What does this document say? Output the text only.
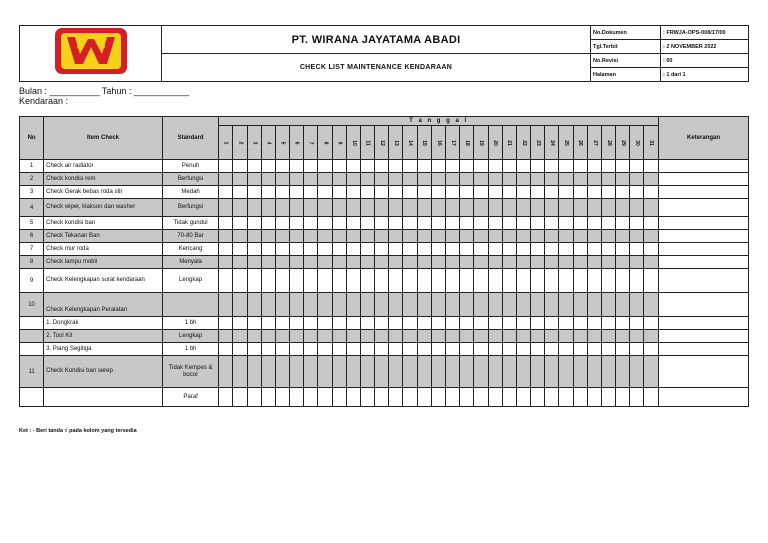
	PT. WIRANA JAYATAMA ABADI	No.Dokumen	: FRWJA-OPS-008/17/00
		Tgl.Terbit	: 2 NOVEMBER 2022
	CHECK LIST MAINTENANCE KENDARAAN	No.Revisi	: 00
		Halaman	: 1 dari 1
Bulan : __________ Tahun : ___________
Kendaraan :
No	Item Check	Standard	T a n g g a l																															Keterangan
			1	2	3	4	5	6	7	8	9	10	11	12	13	14	15	16	17	18	19	20	21	22	23	24	25	26	27	28	29	30	31	
1	Check air radiator	Penuh																																
2	Check kondisi rem	Berfungsi																																
3	Check Gerak bebas roda stir	Medah																																
4	Check wiper, klakson dan washer	Berfungsi																																
5	Check kondisi ban	Tidak gundul																																
6	Check Tekanan Ban	70-80 Bar																																
7	Check mur roda	Kencang																																
8	Check lampu mobil	Menyala																																
9	Check Kelengkapan surat kendaraan	Lengkap																																
10	Check Kelengkapan Peralatan																																	
	1. Dongkrak	1 bh																																
	2. Tool Kit	Lengkap																																
	3. Piang Segitiga	1 bh																																
11	Check Kondisi ban serep	Tidak Kempes & bocor																																
		Paraf																																
Ket : - Beri tanda √ pada kolom yang tersedia
